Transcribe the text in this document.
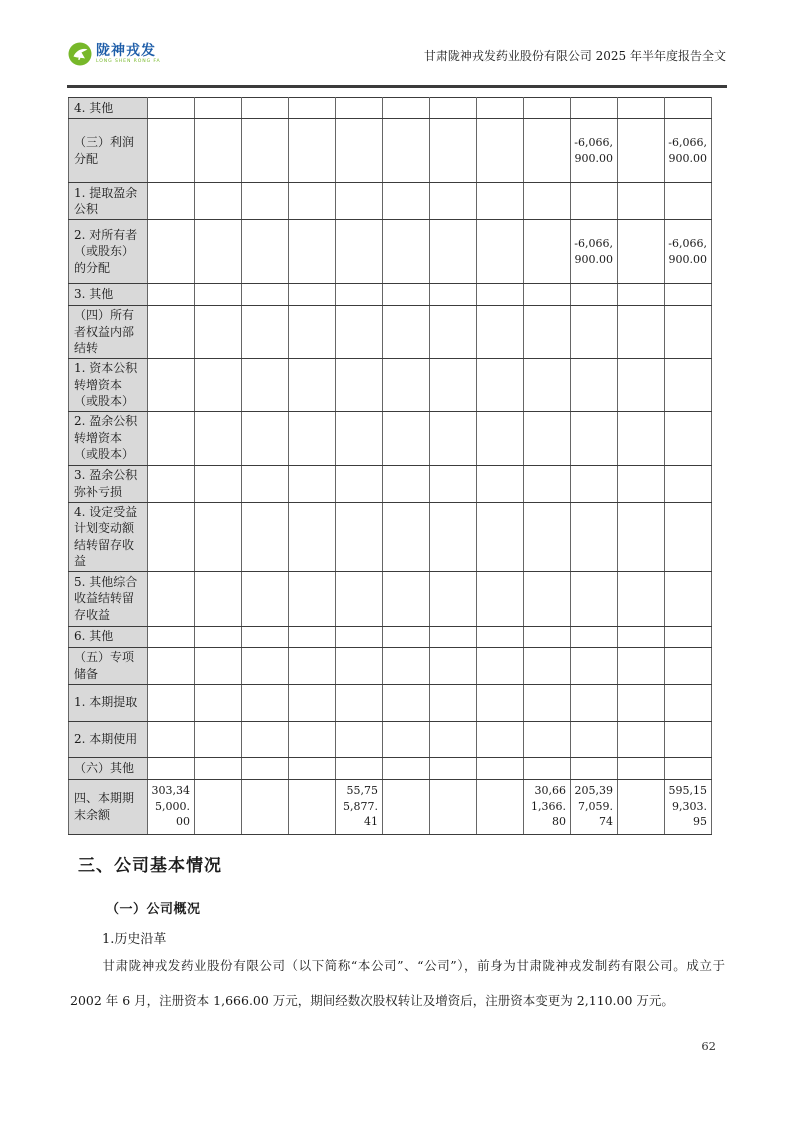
陇神戎发
LONG SHEN RONG FA	甘肃陇神戎发药业股份有限公司 2025 年半年度报告全文
4. 其他												
（三）利润分配										-6,066,900.00		-6,066,900.00
1. 提取盈余公积												
2. 对所有者（或股东）的分配										-6,066,900.00		-6,066,900.00
3. 其他												
（四）所有者权益内部结转												
1. 资本公积转增资本（或股本）												
2. 盈余公积转增资本（或股本）												
3. 盈余公积弥补亏损												
4. 设定受益计划变动额结转留存收益												
5. 其他综合收益结转留存收益												
6. 其他												
（五）专项储备												
1. 本期提取												
2. 本期使用												
（六）其他												
四、本期期末余额	303,345,000.00				55,755,877.41				30,661,366.80	205,397,059.74		595,159,303.95
三、公司基本情况
（一）公司概况
1.历史沿革

甘肃陇神戎发药业股份有限公司（以下简称“本公司”、“公司”），前身为甘肃陇神戎发制药有限公司。成立于 2002 年 6 月，注册资本 1,666.00 万元，期间经数次股权转让及增资后，注册资本变更为 2,110.00 万元。

62
